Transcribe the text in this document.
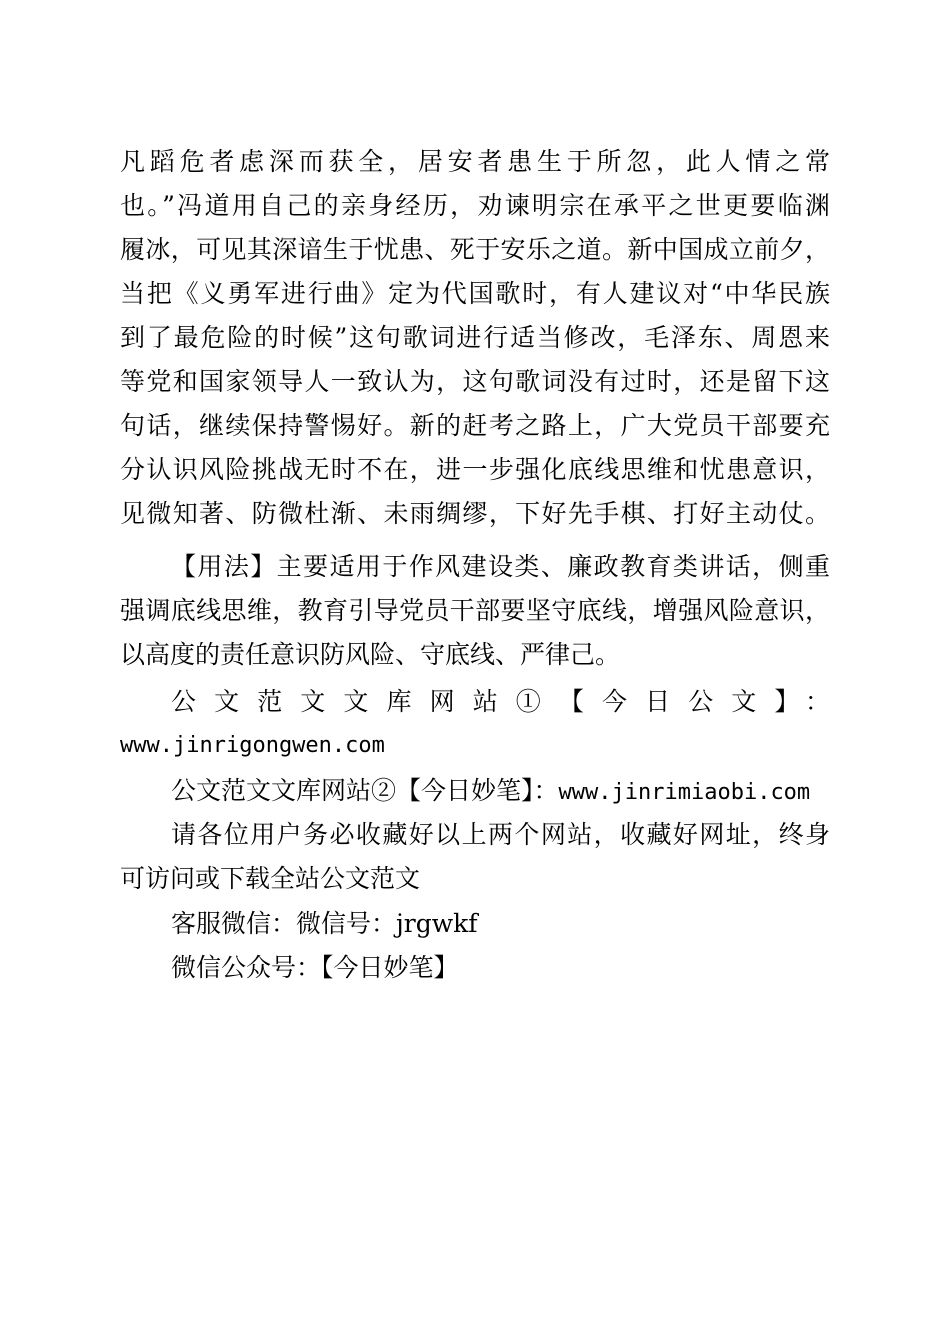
凡蹈危者虑深而获全，居安者患生于所忽，此人情之常
也。”冯道用自己的亲身经历，劝谏明宗在承平之世更要临渊
履冰，可见其深谙生于忧患、死于安乐之道。新中国成立前夕，
当把《义勇军进行曲》定为代国歌时，有人建议对“中华民族
到了最危险的时候”这句歌词进行适当修改，毛泽东、周恩来
等党和国家领导人一致认为，这句歌词没有过时，还是留下这
句话，继续保持警惕好。新的赶考之路上，广大党员干部要充
分认识风险挑战无时不在，进一步强化底线思维和忧患意识，
见微知著、防微杜渐、未雨绸缪，下好先手棋、打好主动仗。
【用法】主要适用于作风建设类、廉政教育类讲话，侧重
强调底线思维，教育引导党员干部要坚守底线，增强风险意识，
以高度的责任意识防风险、守底线、严律己。
公文范文文库网站①【今日公文】：
www.jinrigongwen.com
公文范文文库网站②【今日妙笔】：www.jinrimiaobi.com
请各位用户务必收藏好以上两个网站，收藏好网址，终身
可访问或下载全站公文范文
客服微信：微信号：jrgwkf
微信公众号：【今日妙笔】
